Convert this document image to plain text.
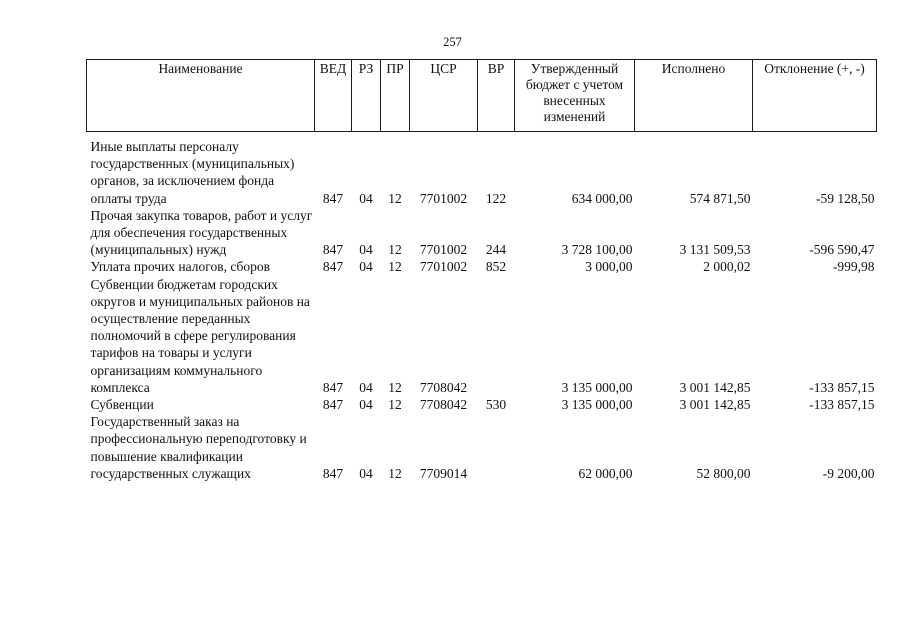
257
Наименование	ВЕД	РЗ	ПР	ЦСР	ВР	Утвержденный бюджет с учетом внесенных изменений	Исполнено	Отклонение (+, -)
Иные выплаты персоналу государственных (муниципальных) органов, за исключением фонда оплаты труда	847	04	12	7701002	122	634 000,00	574 871,50	-59 128,50
Прочая закупка товаров, работ и услуг для обеспечения государственных (муниципальных) нужд	847	04	12	7701002	244	3 728 100,00	3 131 509,53	-596 590,47
Уплата прочих налогов, сборов	847	04	12	7701002	852	3 000,00	2 000,02	-999,98
Субвенции бюджетам городских округов и муниципальных районов на осуществление переданных полномочий в сфере регулирования тарифов на товары и услуги организациям коммунального комплекса	847	04	12	7708042		3 135 000,00	3 001 142,85	-133 857,15
Субвенции	847	04	12	7708042	530	3 135 000,00	3 001 142,85	-133 857,15
Государственный заказ на профессиональную переподготовку и повышение квалификации государственных служащих	847	04	12	7709014		62 000,00	52 800,00	-9 200,00
